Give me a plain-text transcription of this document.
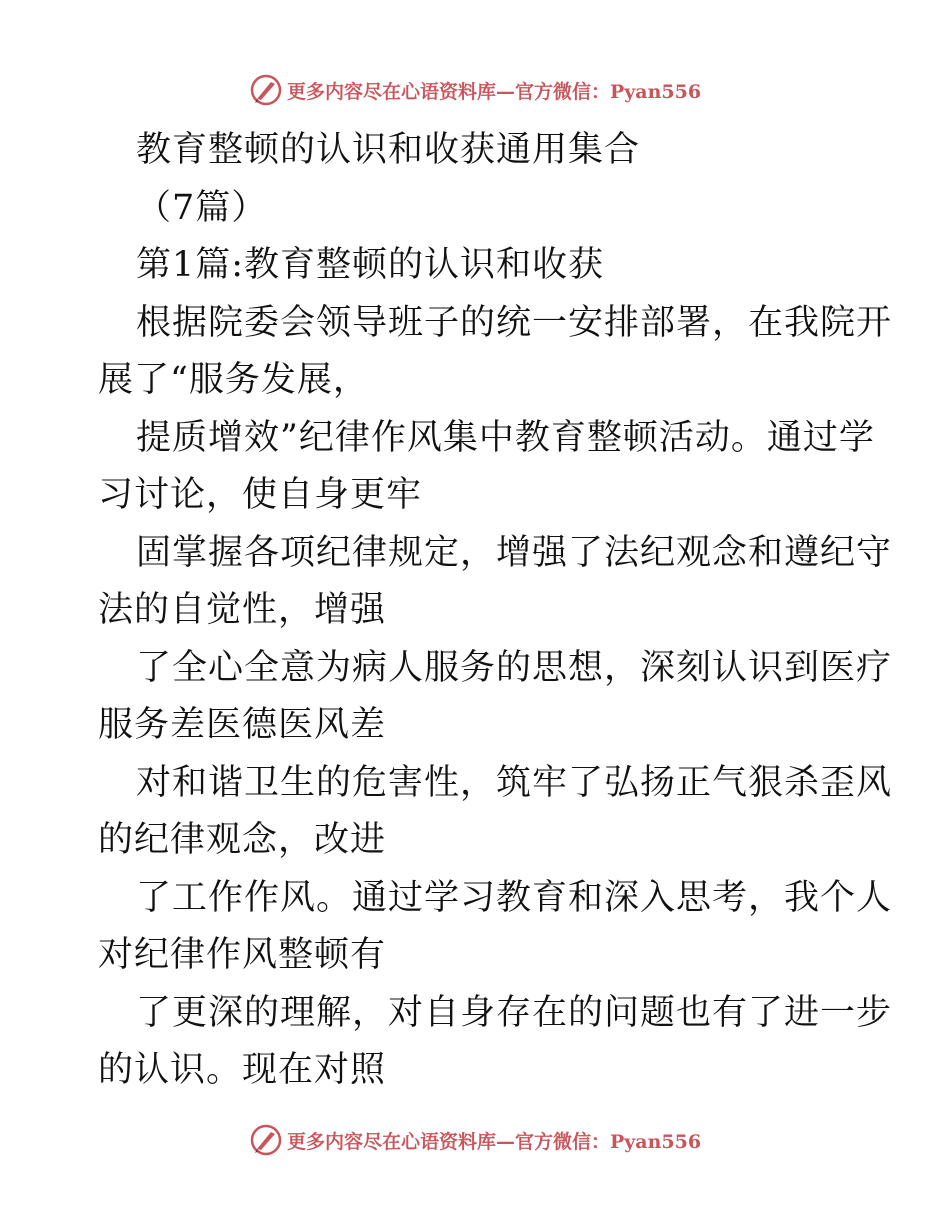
更多内容尽在心语资料库—官方微信：Pyan556
教育整顿的认识和收获通用集合
（7篇）
第1篇:教育整顿的认识和收获
根据院委会领导班子的统一安排部署，在我院开
展了“服务发展，
提质增效”纪律作风集中教育整顿活动。通过学
习讨论，使自身更牢
固掌握各项纪律规定，增强了法纪观念和遵纪守
法的自觉性，增强
了全心全意为病人服务的思想，深刻认识到医疗
服务差医德医风差
对和谐卫生的危害性，筑牢了弘扬正气狠杀歪风
的纪律观念，改进
了工作作风。通过学习教育和深入思考，我个人
对纪律作风整顿有
了更深的理解，对自身存在的问题也有了进一步
的认识。现在对照
更多内容尽在心语资料库—官方微信：Pyan556
